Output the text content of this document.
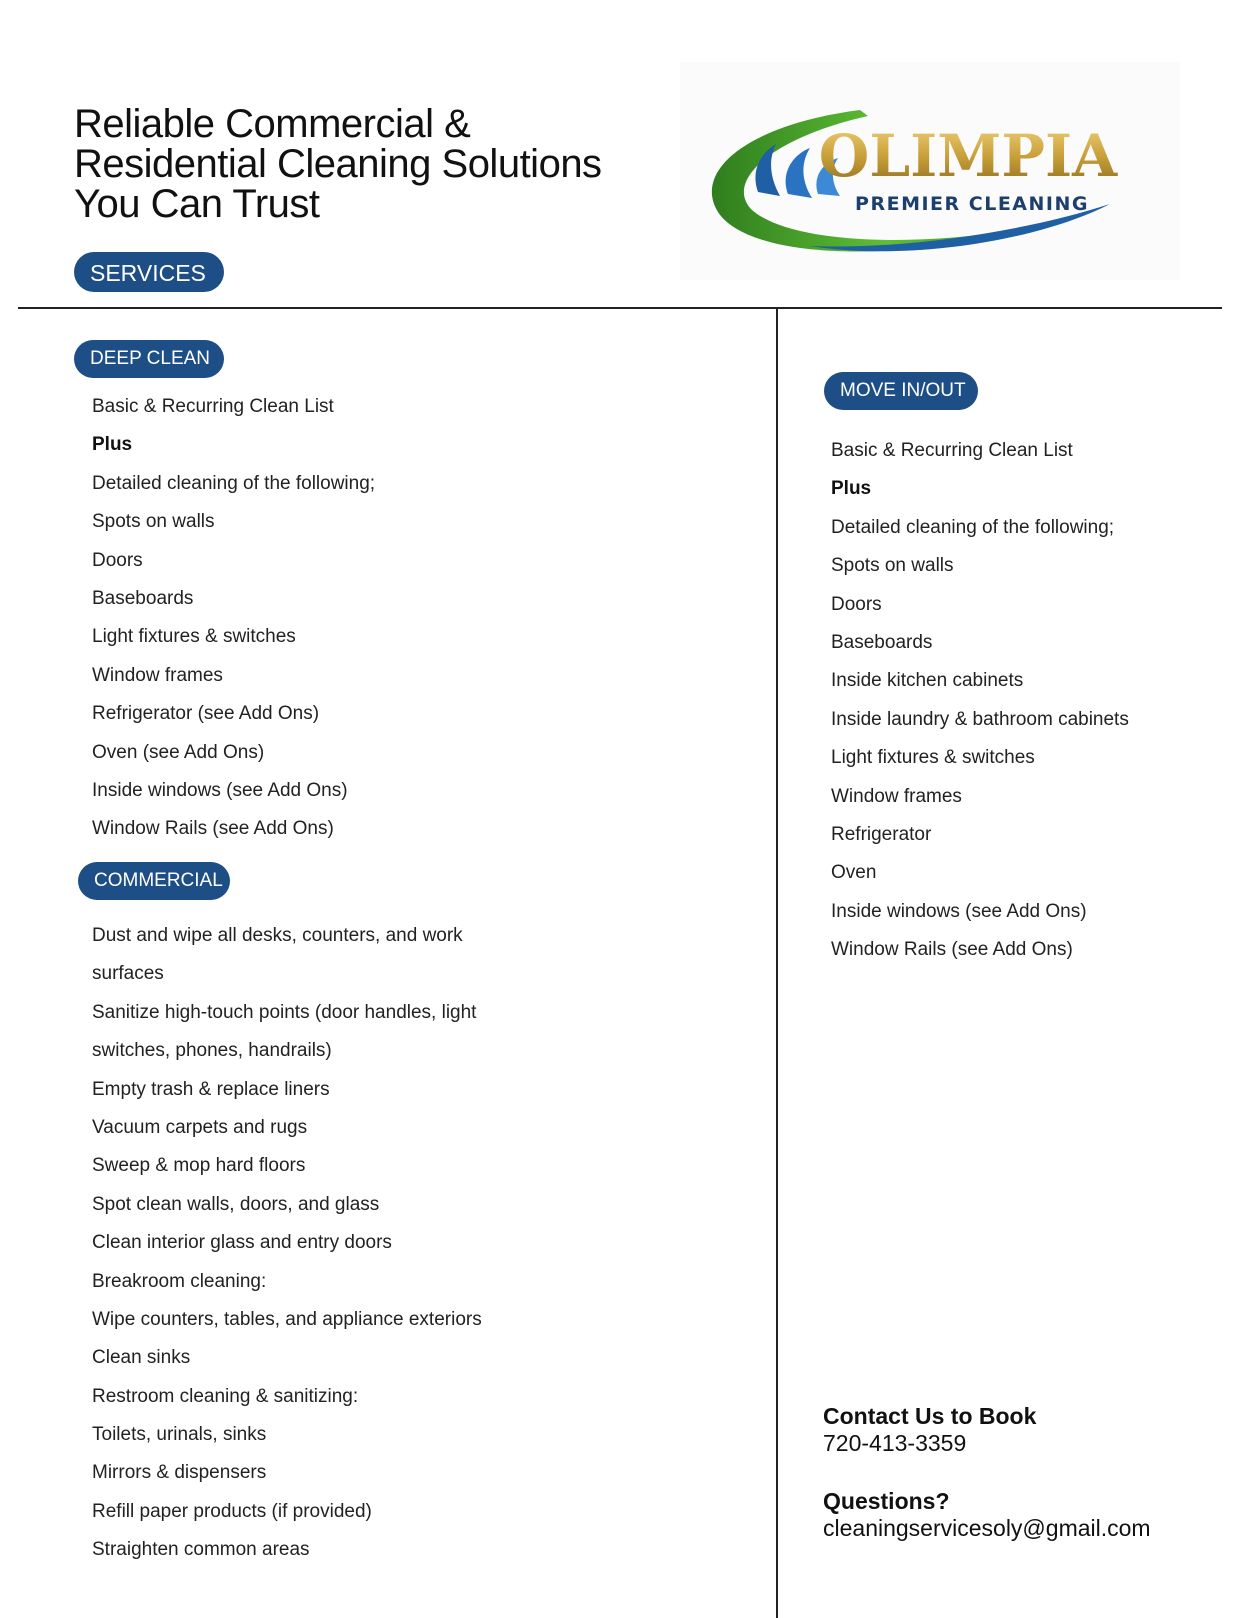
Reliable Commercial &
Residential Cleaning Solutions
You Can Trust
OLIMPIA
PREMIER CLEANING
SERVICES
DEEP CLEAN
Basic & Recurring Clean List
Plus
Detailed cleaning of the following;
Spots on walls
Doors
Baseboards
Light fixtures & switches
Window frames
Refrigerator (see Add Ons)
Oven (see Add Ons)
Inside windows (see Add Ons)
Window Rails (see Add Ons)
COMMERCIAL
Dust and wipe all desks, counters, and work
surfaces
Sanitize high-touch points (door handles, light
switches, phones, handrails)
Empty trash & replace liners
Vacuum carpets and rugs
Sweep & mop hard floors
Spot clean walls, doors, and glass
Clean interior glass and entry doors
Breakroom cleaning:
Wipe counters, tables, and appliance exteriors
Clean sinks
Restroom cleaning & sanitizing:
Toilets, urinals, sinks
Mirrors & dispensers
Refill paper products (if provided)
Straighten common areas
MOVE IN/OUT
Basic & Recurring Clean List
Plus
Detailed cleaning of the following;
Spots on walls
Doors
Baseboards
Inside kitchen cabinets
Inside laundry & bathroom cabinets
Light fixtures & switches
Window frames
Refrigerator
Oven
Inside windows (see Add Ons)
Window Rails (see Add Ons)
Contact Us to Book
720-413-3359
Questions?
cleaningservicesoly@gmail.com
